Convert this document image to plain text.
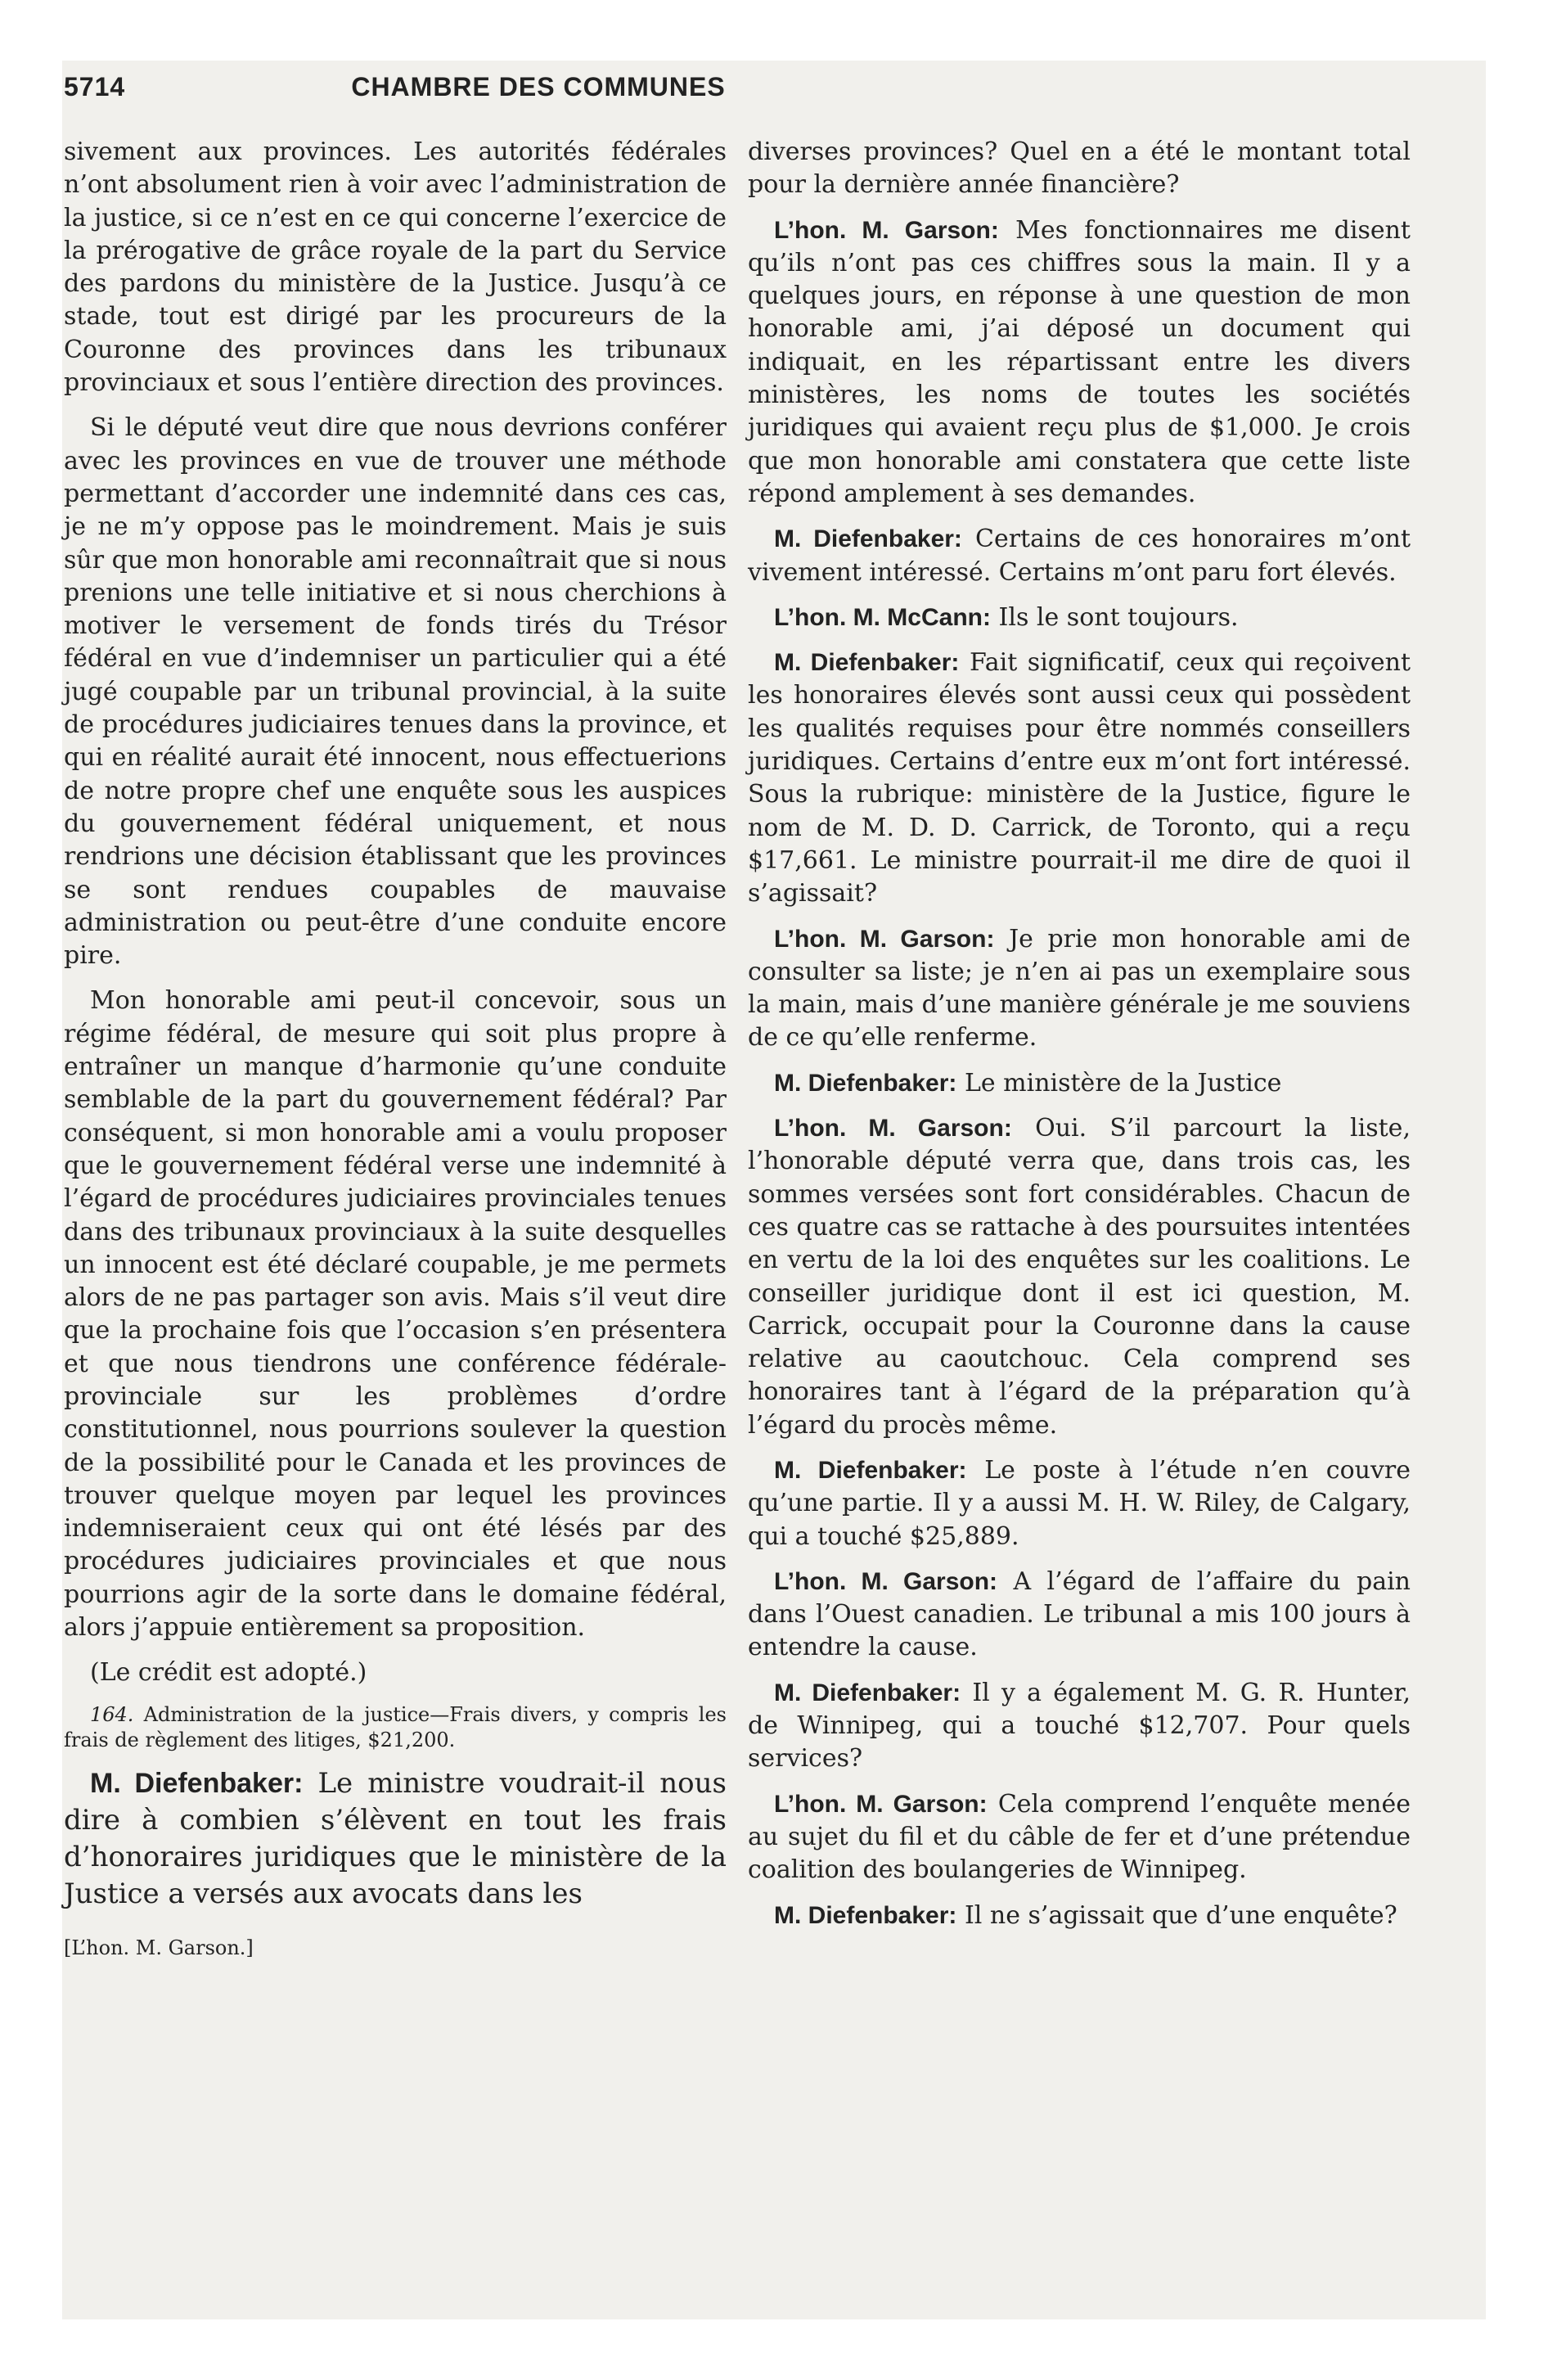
5714	CHAMBRE DES COMMUNES

sivement aux provinces. Les autorités fédérales n’ont absolument rien à voir avec l’administration de la justice, si ce n’est en ce qui concerne l’exercice de la prérogative de grâce royale de la part du Service des pardons du ministère de la Justice. Jusqu’à ce stade, tout est dirigé par les procureurs de la Couronne des provinces dans les tribunaux provinciaux et sous l’entière direction des provinces.

Si le député veut dire que nous devrions conférer avec les provinces en vue de trouver une méthode permettant d’accorder une indemnité dans ces cas, je ne m’y oppose pas le moindrement. Mais je suis sûr que mon honorable ami reconnaîtrait que si nous prenions une telle initiative et si nous cherchions à motiver le versement de fonds tirés du Trésor fédéral en vue d’indemniser un particulier qui a été jugé coupable par un tribunal provincial, à la suite de procédures judiciaires tenues dans la province, et qui en réalité aurait été innocent, nous effectuerions de notre propre chef une enquête sous les auspices du gouvernement fédéral uniquement, et nous rendrions une décision établissant que les provinces se sont rendues coupables de mauvaise administration ou peut-être d’une conduite encore pire.

Mon honorable ami peut-il concevoir, sous un régime fédéral, de mesure qui soit plus propre à entraîner un manque d’harmonie qu’une conduite semblable de la part du gouvernement fédéral? Par conséquent, si mon honorable ami a voulu proposer que le gouvernement fédéral verse une indemnité à l’égard de procédures judiciaires provinciales tenues dans des tribunaux provinciaux à la suite desquelles un innocent est été déclaré coupable, je me permets alors de ne pas partager son avis. Mais s’il veut dire que la prochaine fois que l’occasion s’en présentera et que nous tiendrons une conférence fédérale-provinciale sur les problèmes d’ordre constitutionnel, nous pourrions soulever la question de la possibilité pour le Canada et les provinces de trouver quelque moyen par lequel les provinces indemniseraient ceux qui ont été lésés par des procédures judiciaires provinciales et que nous pourrions agir de la sorte dans le domaine fédéral, alors j’appuie entièrement sa proposition.

(Le crédit est adopté.)

164. Administration de la justice—Frais divers, y compris les frais de règlement des litiges, $21,200.

M. Diefenbaker: Le ministre voudrait-il nous dire à combien s’élèvent en tout les frais d’honoraires juridiques que le ministère de la Justice a versés aux avocats dans les

[L’hon. M. Garson.]

diverses provinces? Quel en a été le montant total pour la dernière année financière?

L’hon. M. Garson: Mes fonctionnaires me disent qu’ils n’ont pas ces chiffres sous la main. Il y a quelques jours, en réponse à une question de mon honorable ami, j’ai déposé un document qui indiquait, en les répartissant entre les divers ministères, les noms de toutes les sociétés juridiques qui avaient reçu plus de $1,000. Je crois que mon honorable ami constatera que cette liste répond amplement à ses demandes.

M. Diefenbaker: Certains de ces honoraires m’ont vivement intéressé. Certains m’ont paru fort élevés.

L’hon. M. McCann: Ils le sont toujours.

M. Diefenbaker: Fait significatif, ceux qui reçoivent les honoraires élevés sont aussi ceux qui possèdent les qualités requises pour être nommés conseillers juridiques. Certains d’entre eux m’ont fort intéressé. Sous la rubrique: ministère de la Justice, figure le nom de M. D. D. Carrick, de Toronto, qui a reçu $17,661. Le ministre pourrait-il me dire de quoi il s’agissait?

L’hon. M. Garson: Je prie mon honorable ami de consulter sa liste; je n’en ai pas un exemplaire sous la main, mais d’une manière générale je me souviens de ce qu’elle renferme.

M. Diefenbaker: Le ministère de la Justice

L’hon. M. Garson: Oui. S’il parcourt la liste, l’honorable député verra que, dans trois cas, les sommes versées sont fort considérables. Chacun de ces quatre cas se rattache à des poursuites intentées en vertu de la loi des enquêtes sur les coalitions. Le conseiller juridique dont il est ici question, M. Carrick, occupait pour la Couronne dans la cause relative au caoutchouc. Cela comprend ses honoraires tant à l’égard de la préparation qu’à l’égard du procès même.

M. Diefenbaker: Le poste à l’étude n’en couvre qu’une partie. Il y a aussi M. H. W. Riley, de Calgary, qui a touché $25,889.

L’hon. M. Garson: A l’égard de l’affaire du pain dans l’Ouest canadien. Le tribunal a mis 100 jours à entendre la cause.

M. Diefenbaker: Il y a également M. G. R. Hunter, de Winnipeg, qui a touché $12,707. Pour quels services?

L’hon. M. Garson: Cela comprend l’enquête menée au sujet du fil et du câble de fer et d’une prétendue coalition des boulangeries de Winnipeg.

M. Diefenbaker: Il ne s’agissait que d’une enquête?
